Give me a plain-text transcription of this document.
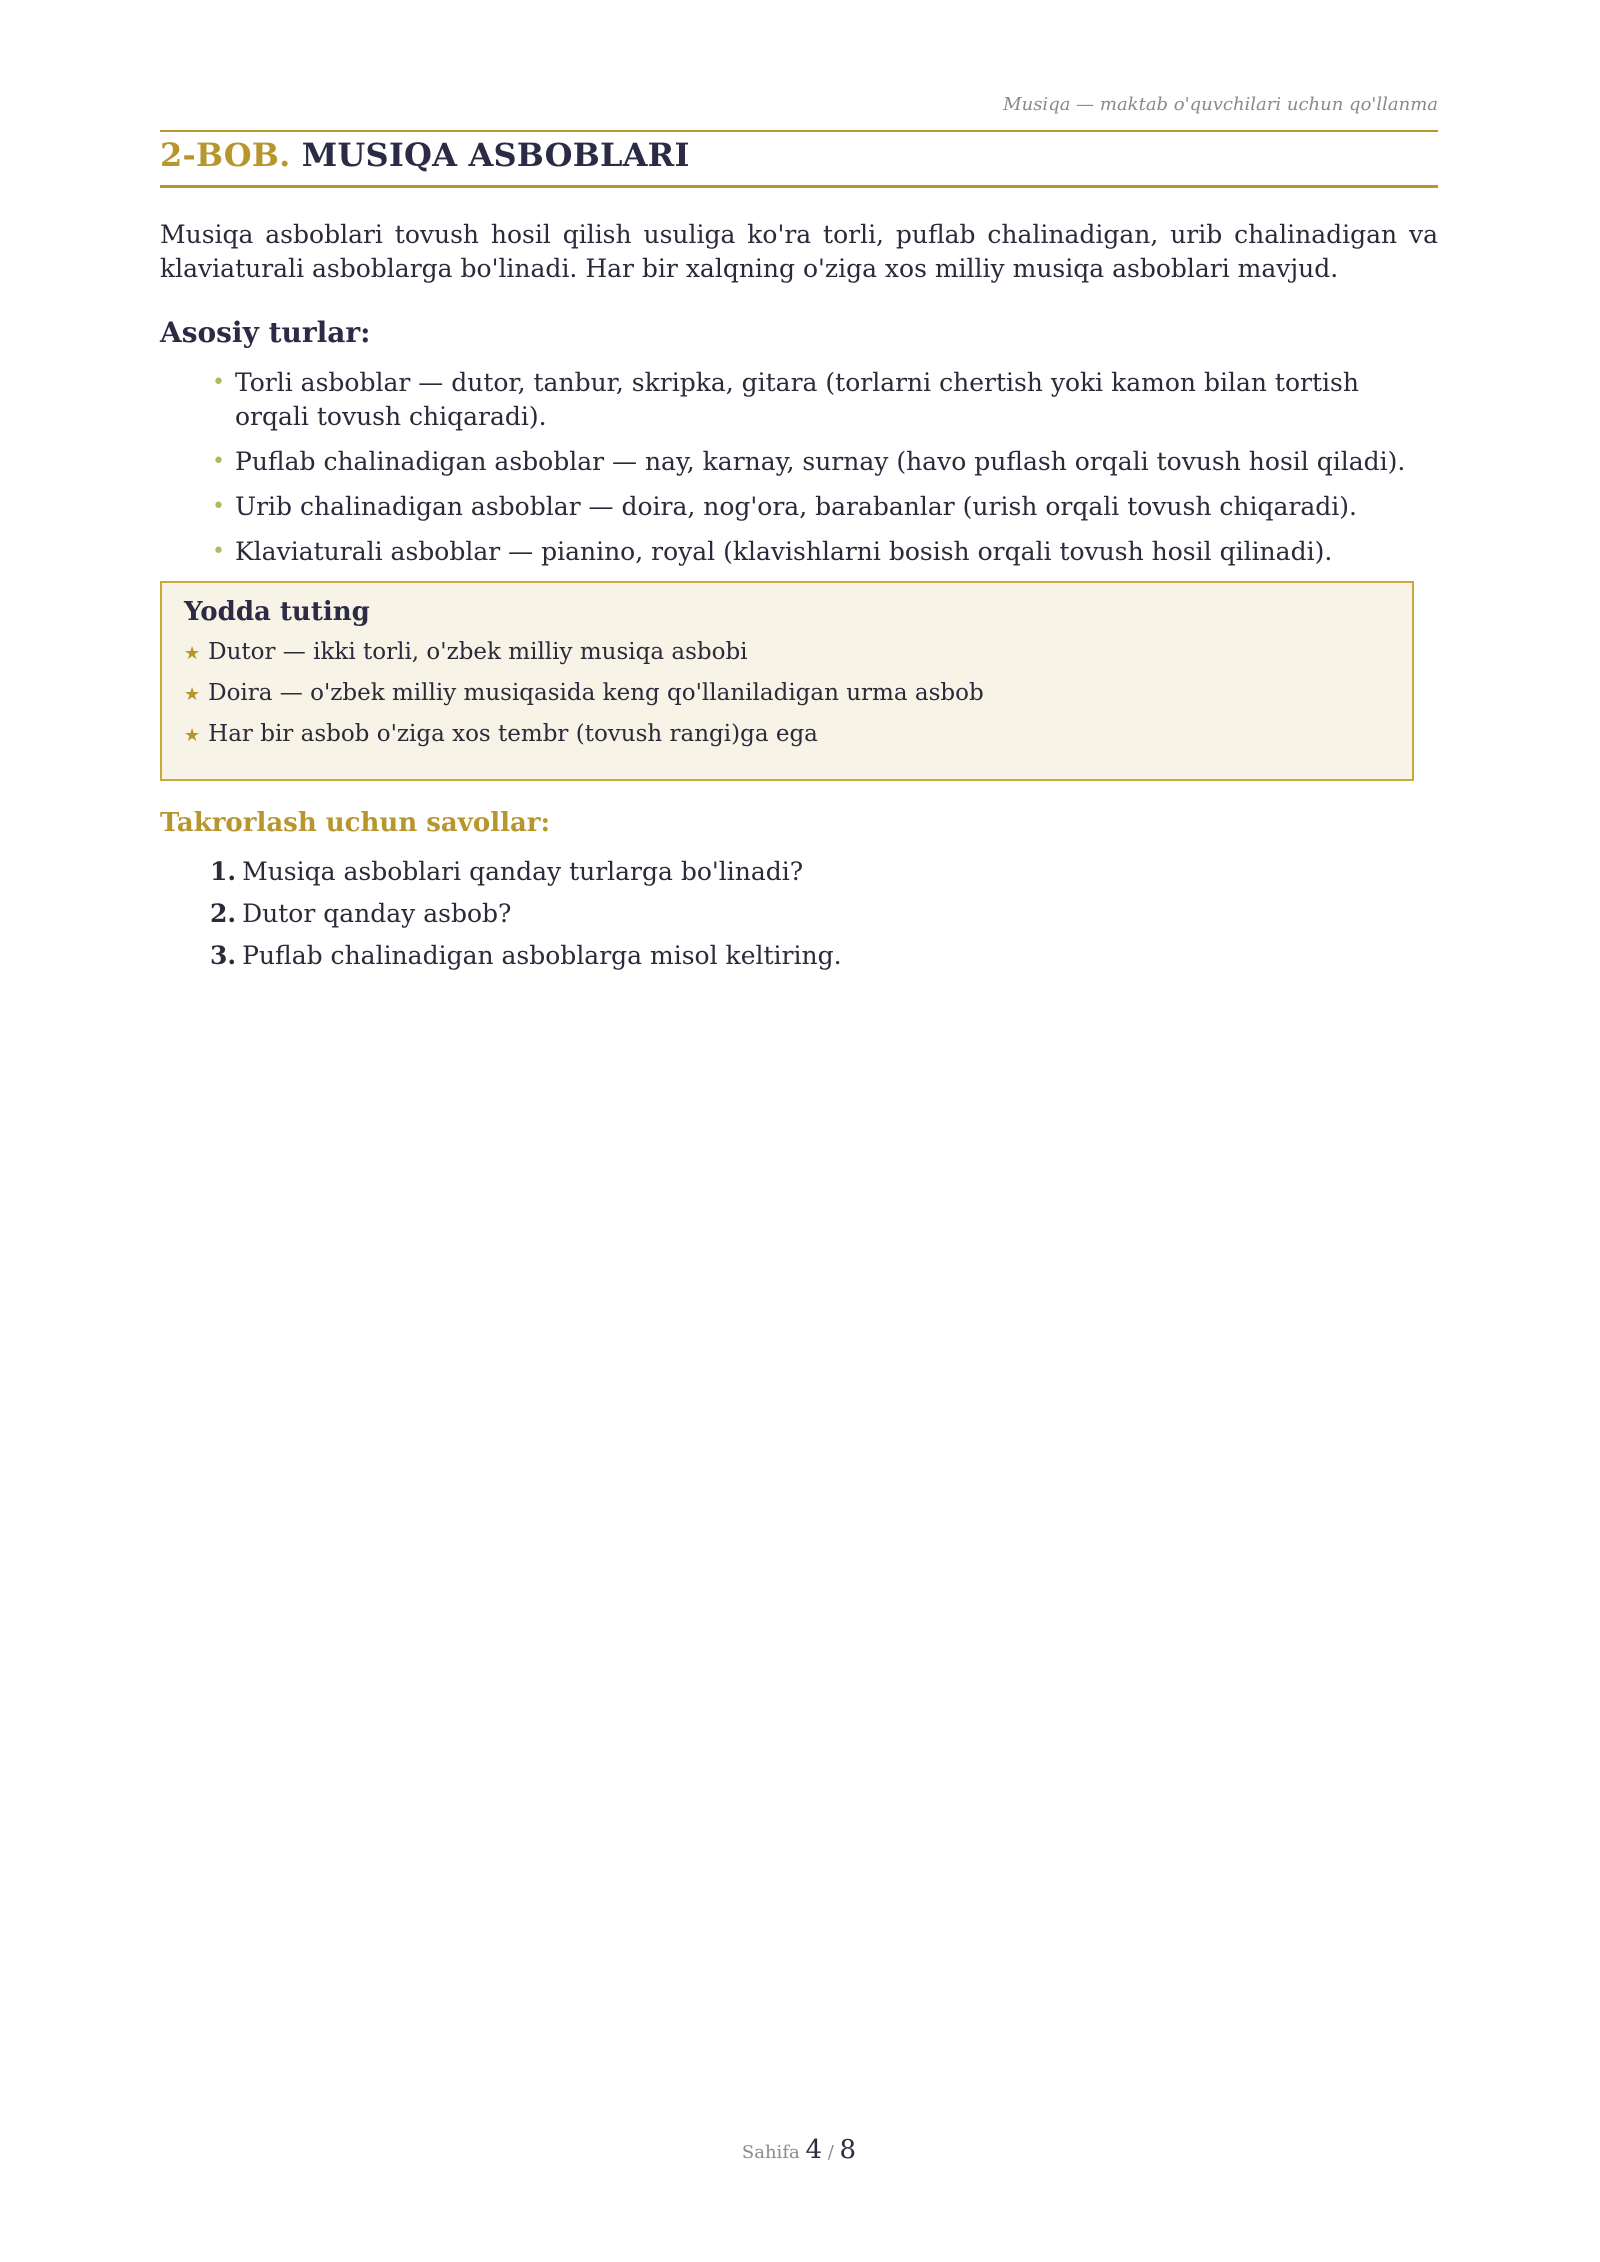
Musiqa — maktab o'quvchilari uchun qo'llanma
2-BOB. MUSIQA ASBOBLARI
Musiqa asboblari tovush hosil qilish usuliga ko'ra torli, puflab chalinadigan, urib chalinadigan va klaviaturali asboblarga bo'linadi. Har bir xalqning o'ziga xos milliy musiqa asboblari mavjud.
Asosiy turlar:
• Torli asboblar — dutor, tanbur, skripka, gitara (torlarni chertish yoki kamon bilan tortish orqali tovush chiqaradi).
• Puflab chalinadigan asboblar — nay, karnay, surnay (havo puflash orqali tovush hosil qiladi).
• Urib chalinadigan asboblar — doira, nog'ora, barabanlar (urish orqali tovush chiqaradi).
• Klaviaturali asboblar — pianino, royal (klavishlarni bosish orqali tovush hosil qilinadi).
Yodda tuting
★ Dutor — ikki torli, o'zbek milliy musiqa asbobi
★ Doira — o'zbek milliy musiqasida keng qo'llaniladigan urma asbob
★ Har bir asbob o'ziga xos tembr (tovush rangi)ga ega
Takrorlash uchun savollar:
1. Musiqa asboblari qanday turlarga bo'linadi?
2. Dutor qanday asbob?
3. Puflab chalinadigan asboblarga misol keltiring.
Sahifa 4 / 8
